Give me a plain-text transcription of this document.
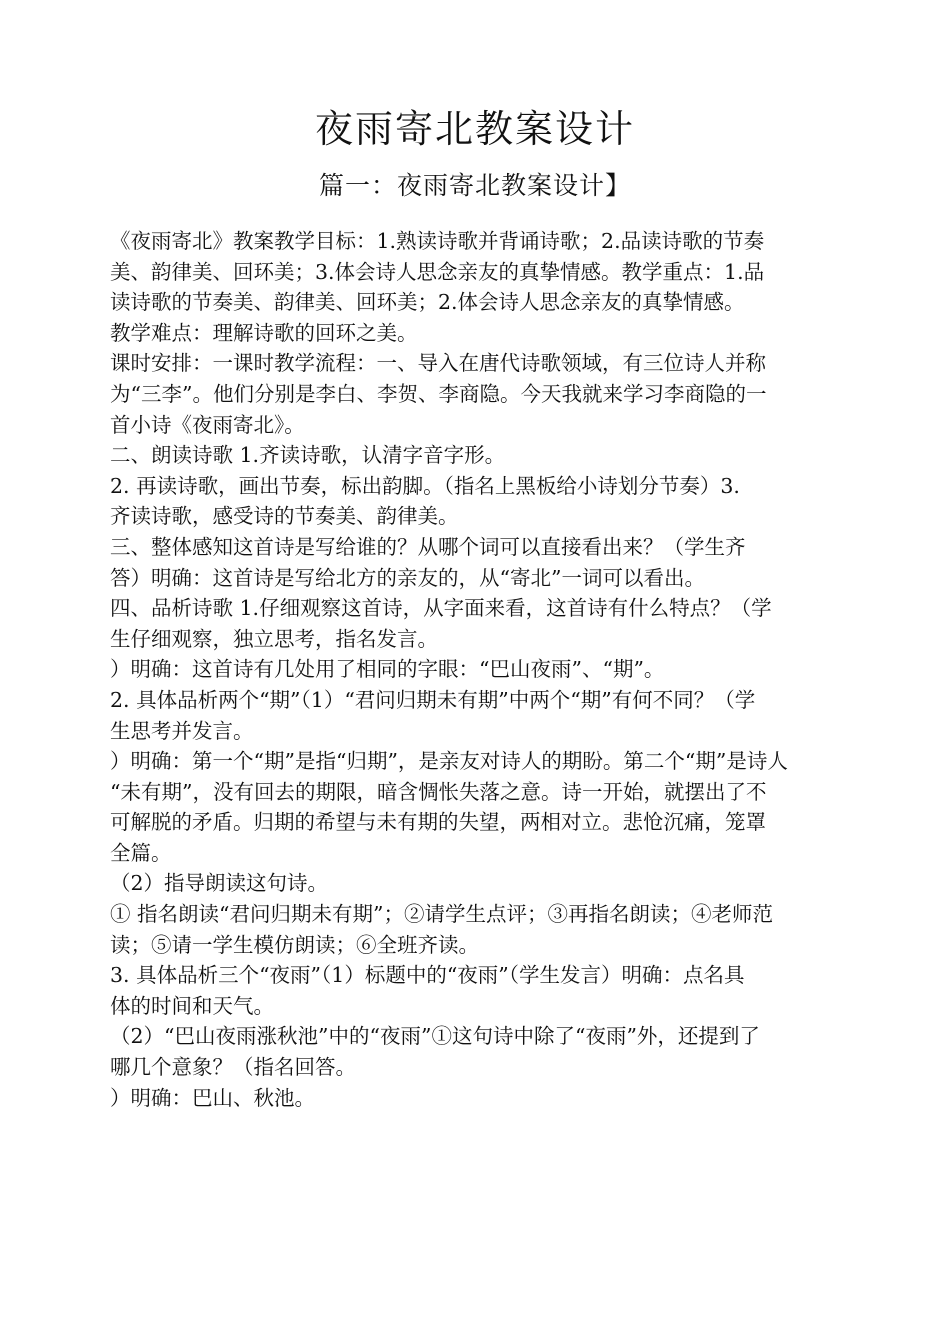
夜雨寄北教案设计
篇一：夜雨寄北教案设计】
《夜雨寄北》教案教学目标：1.熟读诗歌并背诵诗歌；2.品读诗歌的节奏
美、韵律美、回环美；3.体会诗人思念亲友的真挚情感。教学重点：1.品
读诗歌的节奏美、韵律美、回环美；2.体会诗人思念亲友的真挚情感。
教学难点：理解诗歌的回环之美。
课时安排：一课时教学流程：一、导入在唐代诗歌领域，有三位诗人并称
为“三李”。他们分别是李白、李贺、李商隐。今天我就来学习李商隐的一
首小诗《夜雨寄北》。
二、朗读诗歌 1.齐读诗歌，认清字音字形。
2. 再读诗歌，画出节奏，标出韵脚。（指名上黑板给小诗划分节奏）3.
齐读诗歌，感受诗的节奏美、韵律美。
三、整体感知这首诗是写给谁的？从哪个词可以直接看出来？（学生齐
答）明确：这首诗是写给北方的亲友的，从“寄北”一词可以看出。
四、品析诗歌 1.仔细观察这首诗，从字面来看，这首诗有什么特点？（学
生仔细观察，独立思考，指名发言。
）明确：这首诗有几处用了相同的字眼：“巴山夜雨”、“期”。
2. 具体品析两个“期”（1）“君问归期未有期”中两个“期”有何不同？（学
生思考并发言。
）明确：第一个“期”是指“归期”，是亲友对诗人的期盼。第二个“期”是诗人
“未有期”，没有回去的期限，暗含惆怅失落之意。诗一开始，就摆出了不
可解脱的矛盾。归期的希望与未有期的失望，两相对立。悲怆沉痛，笼罩
全篇。
（2）指导朗读这句诗。
① 指名朗读“君问归期未有期”；②请学生点评；③再指名朗读；④老师范
读；⑤请一学生模仿朗读；⑥全班齐读。
3. 具体品析三个“夜雨”（1）标题中的“夜雨”（学生发言）明确：点名具
体的时间和天气。
（2）“巴山夜雨涨秋池”中的“夜雨”①这句诗中除了“夜雨”外，还提到了
哪几个意象？（指名回答。
）明确：巴山、秋池。
